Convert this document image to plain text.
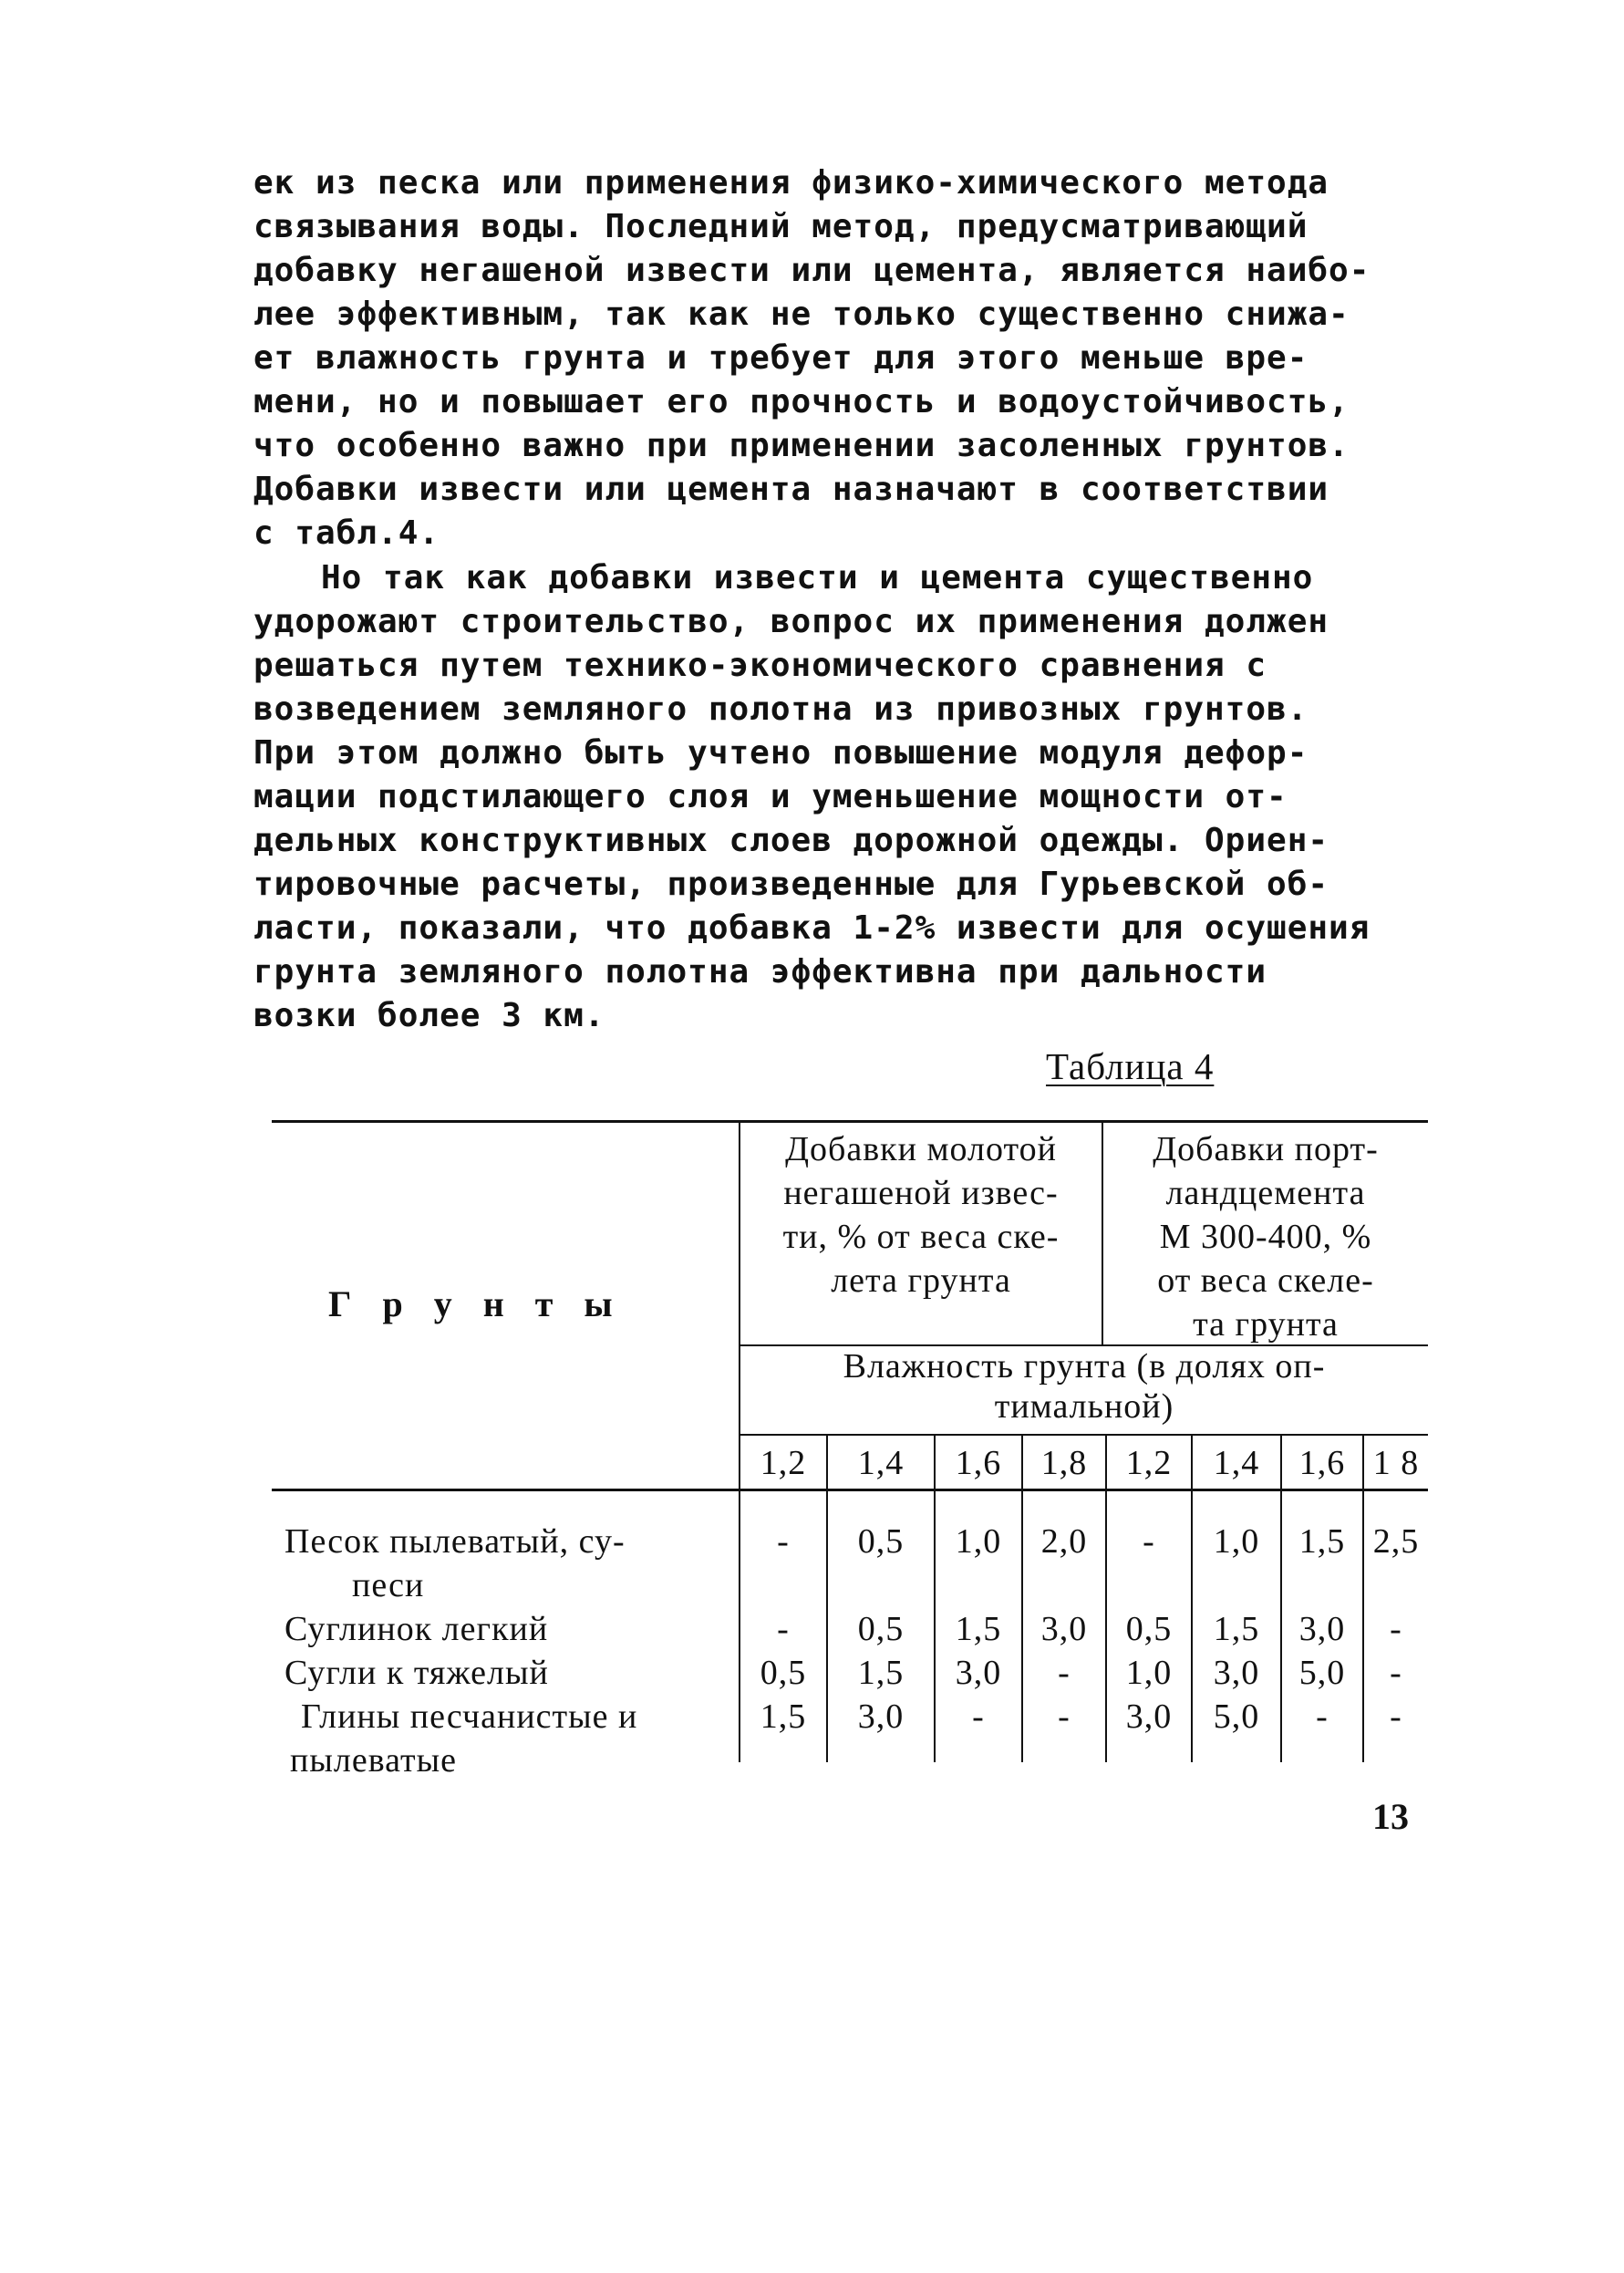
ек из песка или применения физико-химического метода
связывания воды. Последний метод, предусматривающий
добавку негашеной извести или цемента, является наибо-
лее эффективным, так как не только существенно снижа-
ет влажность грунта и требует для этого меньше вре-
мени, но и повышает его прочность и водоустойчивость,
что особенно важно при применении засоленных грунтов.
Добавки извести или цемента назначают в соответствии
с табл.4.
Но так как добавки извести и цемента существенно
удорожают строительство, вопрос их применения должен
решаться путем технико-экономического сравнения с
возведением земляного полотна из привозных грунтов.
При этом должно быть учтено повышение модуля дефор-
мации подстилающего слоя и уменьшение мощности от-
дельных конструктивных слоев дорожной одежды. Ориен-
тировочные расчеты, произведенные для Гурьевской об-
ласти, показали, что добавка 1-2% извести для осушения
грунта земляного полотна эффективна при дальности
возки более 3 км.
Таблица 4
Г р у н т ы
Добавки молотой
негашеной извес-
ти, % от веса ске-
лета грунта
Добавки порт-
ландцемента
М 300-400, %
от веса скеле-
та грунта
Влажность грунта (в долях оп-
тимальной)
1,2	1,4	1,6	1,8	1,2	1,4	1,6 1 8
Песок пылеватый, су-
песи
-	0,5	1,0	2,0	-	1,0	1,5 2,5
Суглинок легкий	-	0,5	1,5	3,0	0,5	1,5	3,0	-
Сугли к тяжелый	0,5	1,5	3,0	-	1,0	3,0	5,0	-
Глины песчанистые и
пылеватые
1,5	3,0	-	-	3,0	5,0	-	-
13
